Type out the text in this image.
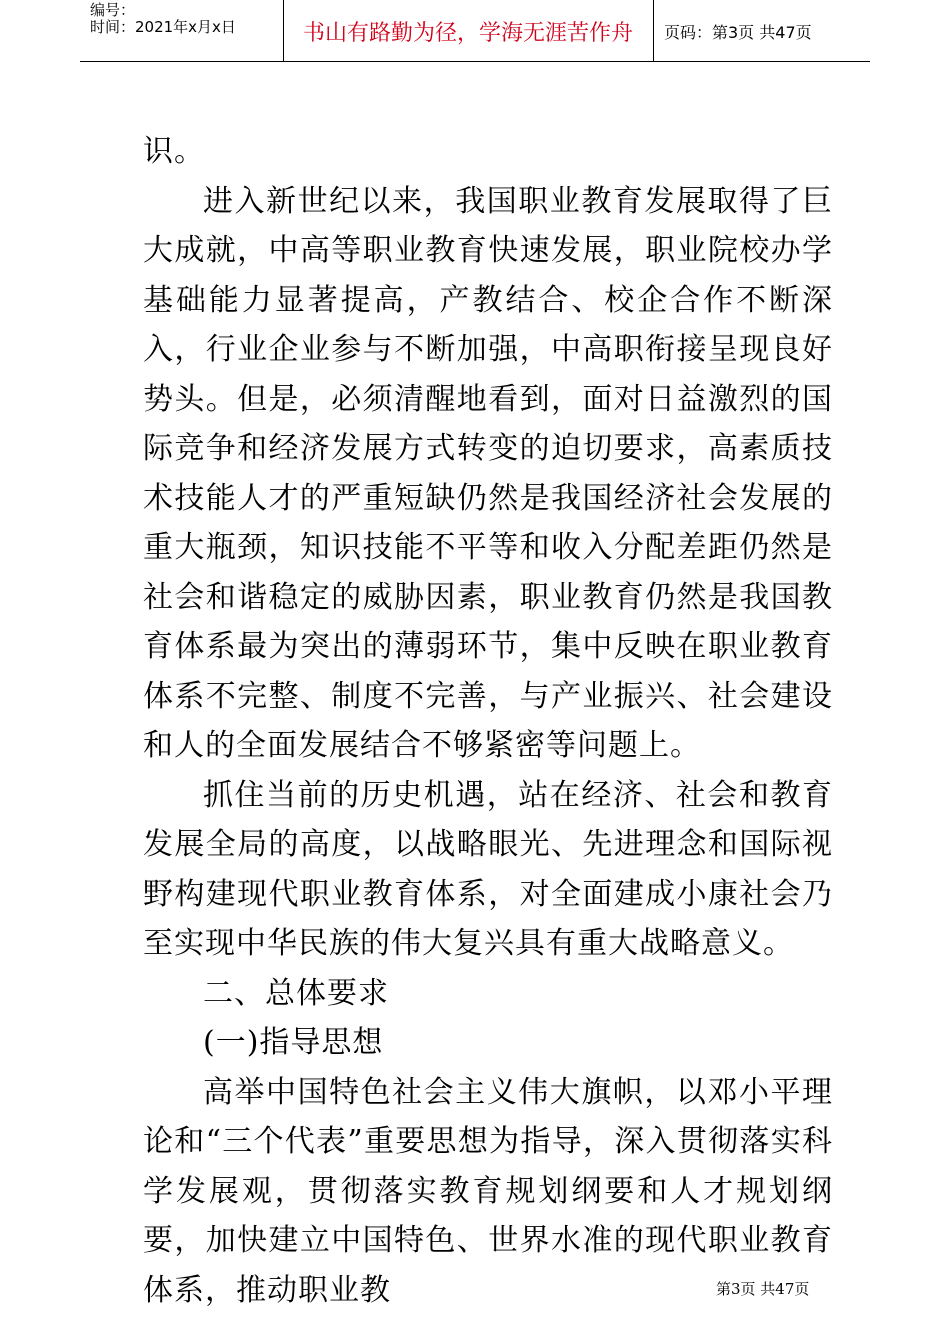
编号：
时间：2021年x月x日	书山有路勤为径，学海无涯苦作舟	页码：第3页 共47页

识。

进入新世纪以来，我国职业教育发展取得了巨大成就，中高等职业教育快速发展，职业院校办学基础能力显著提高，产教结合、校企合作不断深入，行业企业参与不断加强，中高职衔接呈现良好势头。但是，必须清醒地看到，面对日益激烈的国际竞争和经济发展方式转变的迫切要求，高素质技术技能人才的严重短缺仍然是我国经济社会发展的重大瓶颈，知识技能不平等和收入分配差距仍然是社会和谐稳定的威胁因素，职业教育仍然是我国教育体系最为突出的薄弱环节，集中反映在职业教育体系不完整、制度不完善，与产业振兴、社会建设和人的全面发展结合不够紧密等问题上。

抓住当前的历史机遇，站在经济、社会和教育发展全局的高度，以战略眼光、先进理念和国际视野构建现代职业教育体系，对全面建成小康社会乃至实现中华民族的伟大复兴具有重大战略意义。

二、总体要求

(一)指导思想

高举中国特色社会主义伟大旗帜，以邓小平理论和“三个代表”重要思想为指导，深入贯彻落实科学发展观，贯彻落实教育规划纲要和人才规划纲要，加快建立中国特色、世界水准的现代职业教育体系，推动职业教	第3页 共47页
